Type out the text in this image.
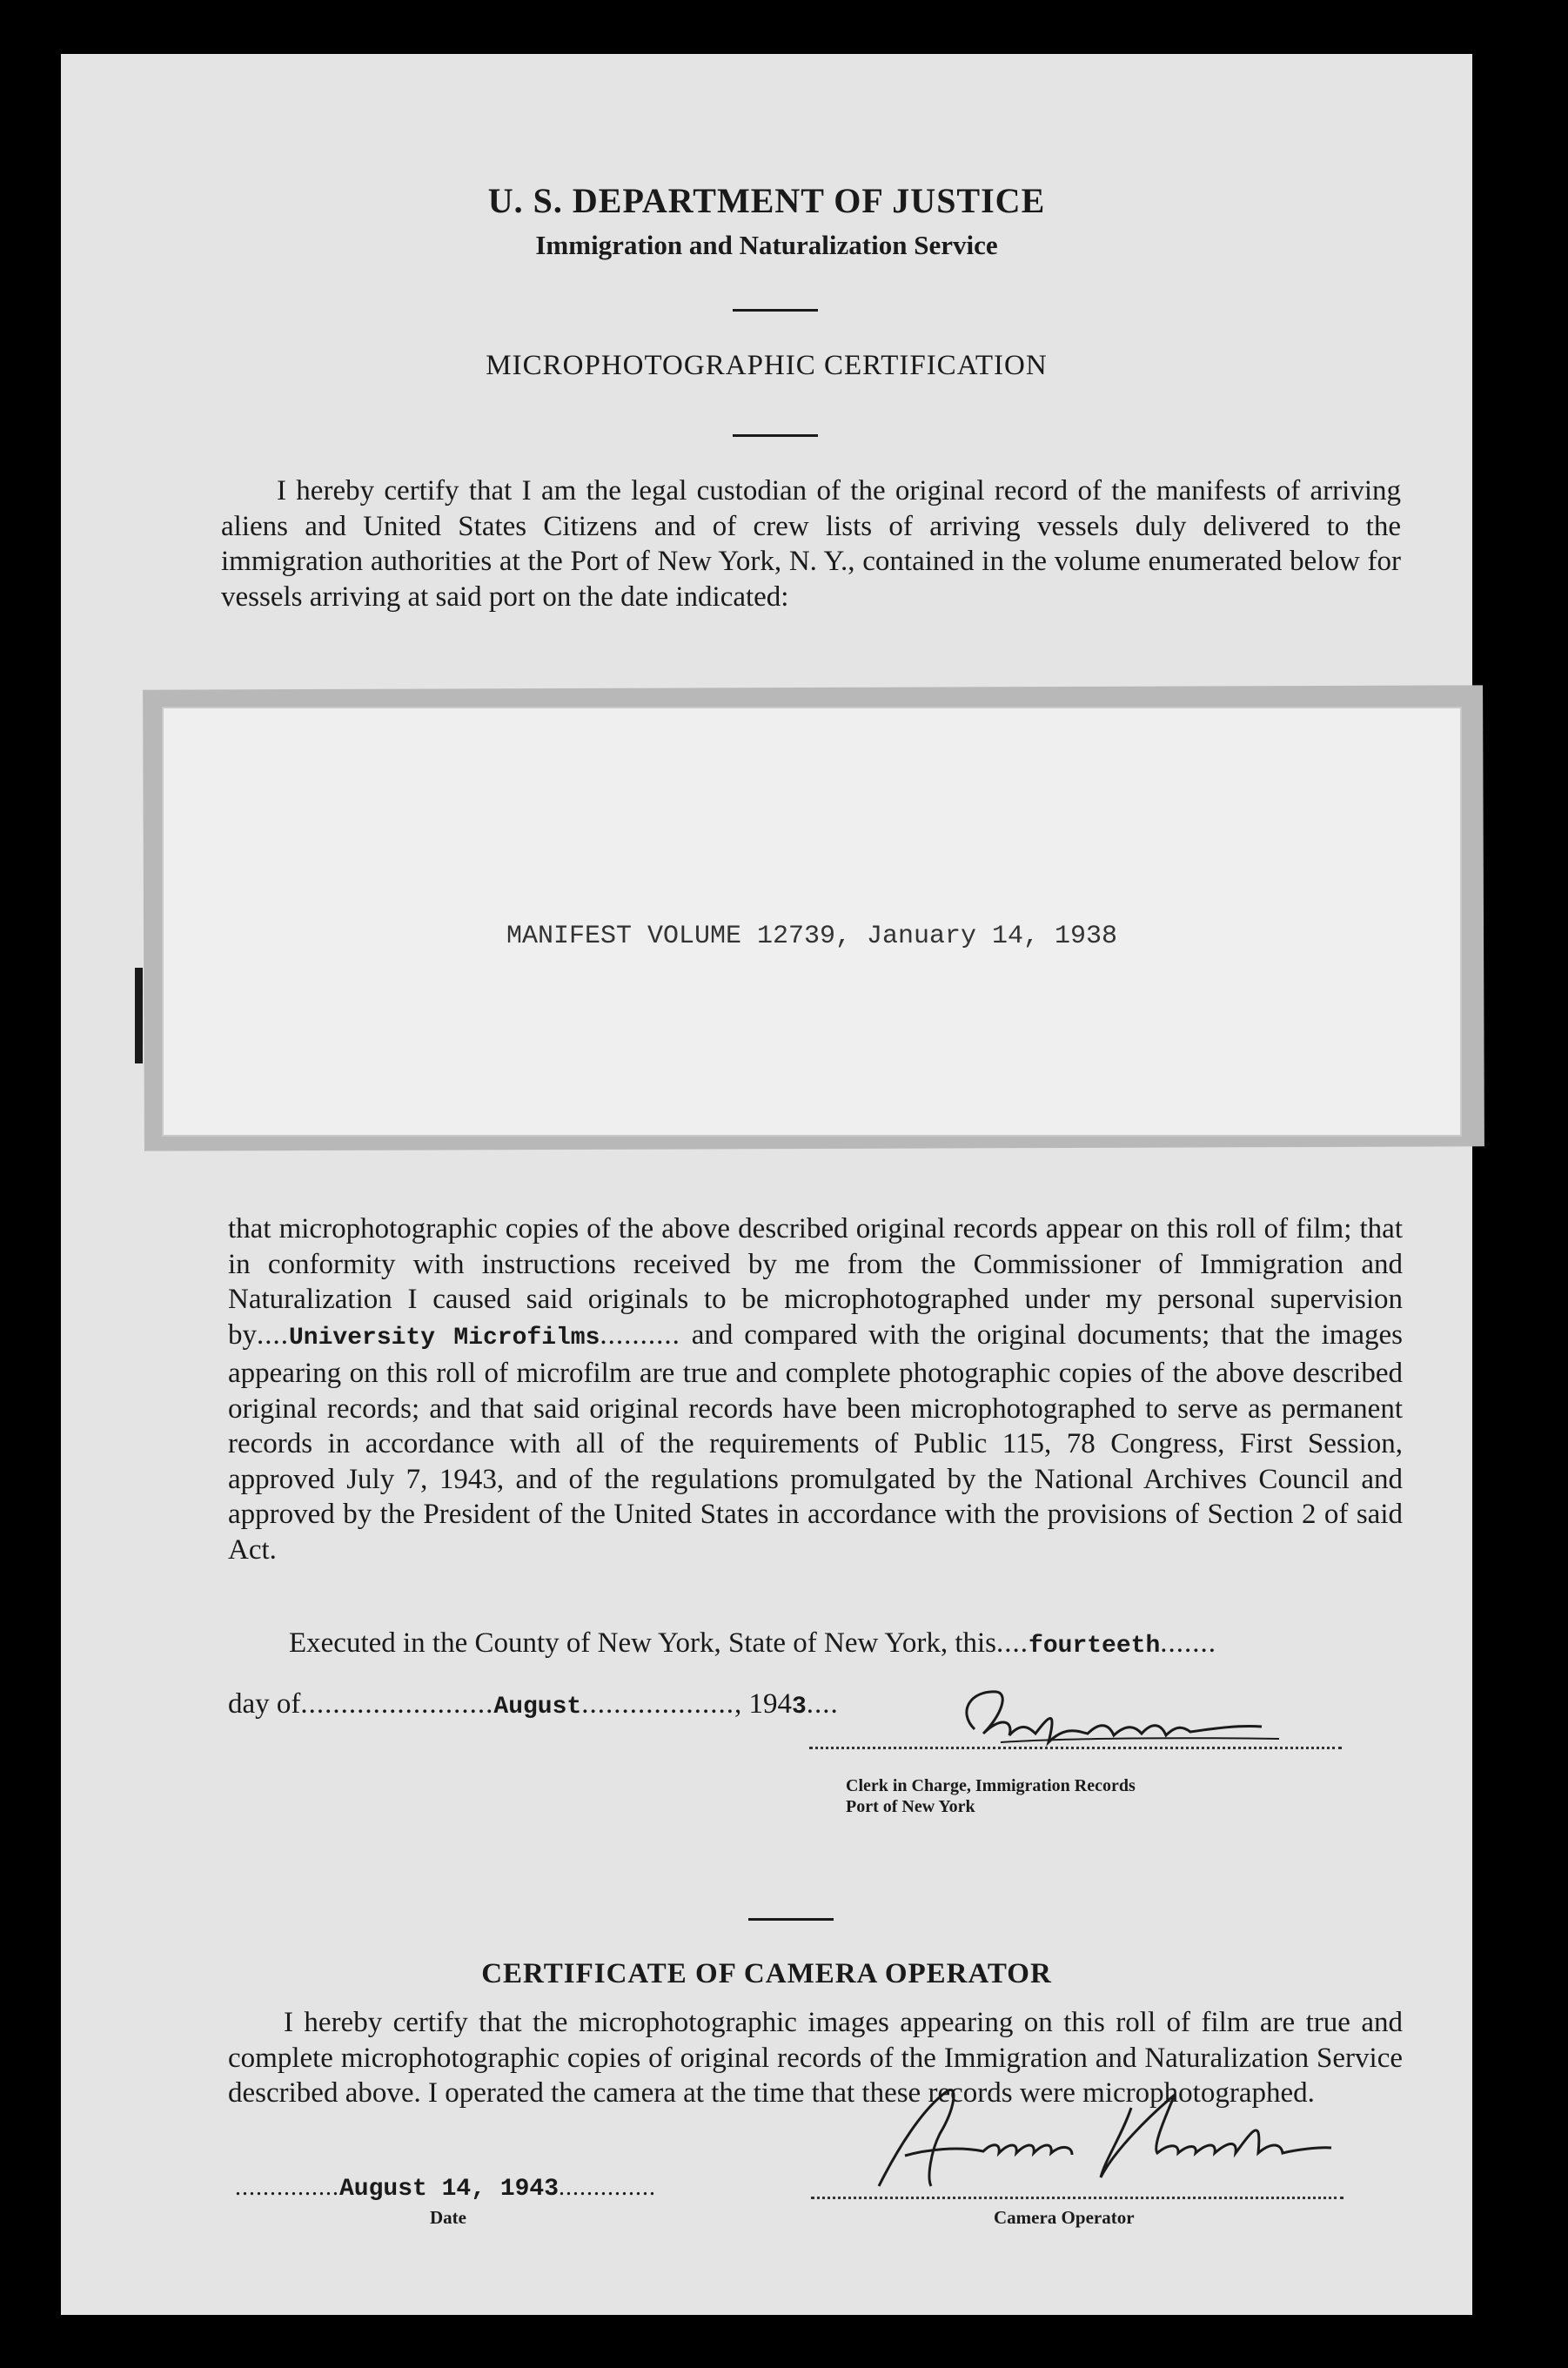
U. S. DEPARTMENT OF JUSTICE
Immigration and Naturalization Service
MICROPHOTOGRAPHIC CERTIFICATION
I hereby certify that I am the legal custodian of the original record of the manifests of arriving aliens and United States Citizens and of crew lists of arriving vessels duly delivered to the immigration authorities at the Port of New York, N. Y., contained in the volume enumerated below for vessels arriving at said port on the date indicated:
MANIFEST VOLUME 12739, January 14, 1938
that microphotographic copies of the above described original records appear on this roll of film; that in conformity with instructions received by me from the Commissioner of Immigration and Naturalization I caused said originals to be microphotographed under my personal supervision by....University Microfilms.......... and compared with the original documents; that the images appearing on this roll of microfilm are true and complete photographic copies of the above described original records; and that said original records have been microphotographed to serve as permanent records in accordance with all of the requirements of Public 115, 78 Congress, First Session, approved July 7, 1943, and of the regulations promulgated by the National Archives Council and approved by the President of the United States in accordance with the provisions of Section 2 of said Act.
Executed in the County of New York, State of New York, this....fourteeth.......
day of........................August..................., 1943....
Clerk in Charge, Immigration Records
Port of New York
CERTIFICATE OF CAMERA OPERATOR
I hereby certify that the microphotographic images appearing on this roll of film are true and complete microphotographic copies of original records of the Immigration and Naturalization Service described above. I operated the camera at the time that these records were microphotographed.
...............August 14, 1943..............
Date	Camera Operator
